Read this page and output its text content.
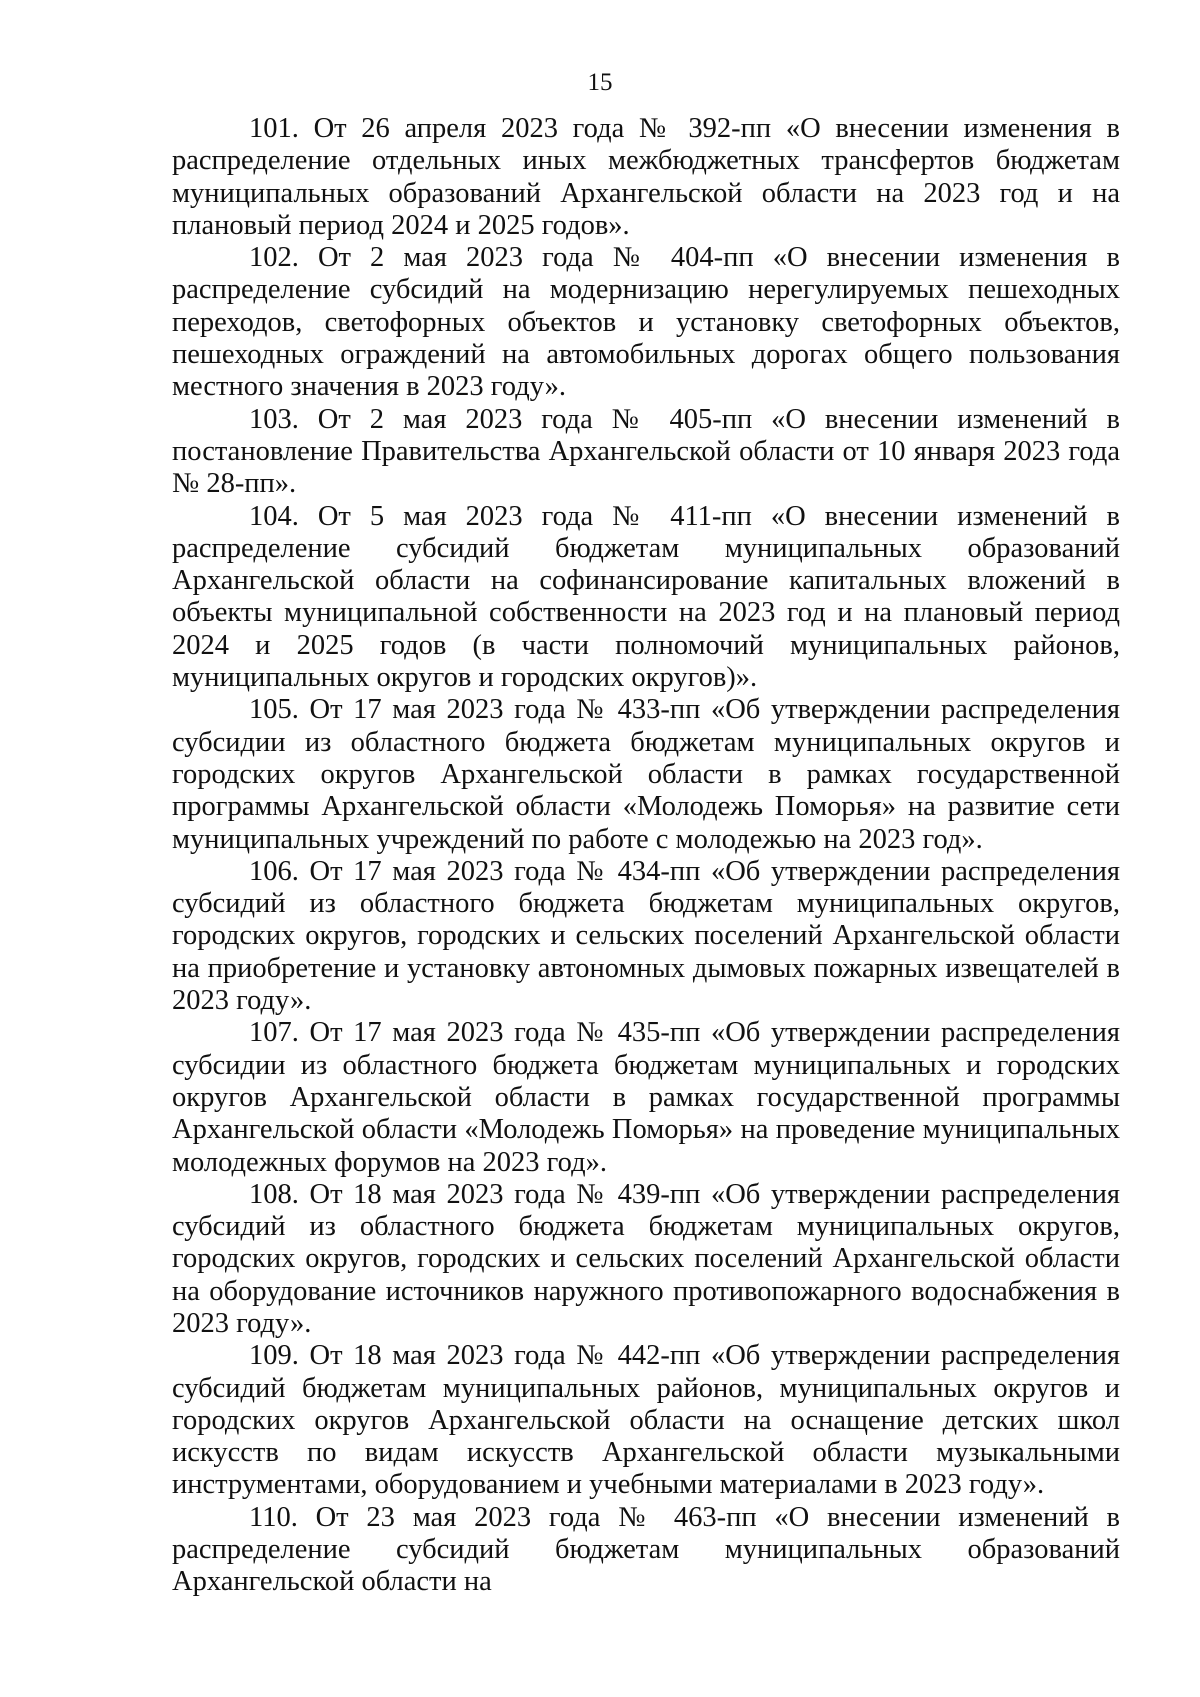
15

101. От 26 апреля 2023 года № 392-пп «О внесении изменения в распределение отдельных иных межбюджетных трансфертов бюджетам муниципальных образований Архангельской области на 2023 год и на плановый период 2024 и 2025 годов».

102. От 2 мая 2023 года № 404-пп «О внесении изменения в распределение субсидий на модернизацию нерегулируемых пешеходных переходов, светофорных объектов и установку светофорных объектов, пешеходных ограждений на автомобильных дорогах общего пользования местного значения в 2023 году».

103. От 2 мая 2023 года № 405-пп «О внесении изменений в постановление Правительства Архангельской области от 10 января 2023 года № 28-пп».

104. От 5 мая 2023 года № 411-пп «О внесении изменений в распределение субсидий бюджетам муниципальных образований Архангельской области на софинансирование капитальных вложений в объекты муниципальной собственности на 2023 год и на плановый период 2024 и 2025 годов (в части полномочий муниципальных районов, муниципальных округов и городских округов)».

105. От 17 мая 2023 года № 433-пп «Об утверждении распределения субсидии из областного бюджета бюджетам муниципальных округов и городских округов Архангельской области в рамках государственной программы Архангельской области «Молодежь Поморья» на развитие сети муниципальных учреждений по работе с молодежью на 2023 год».

106. От 17 мая 2023 года № 434-пп «Об утверждении распределения субсидий из областного бюджета бюджетам муниципальных округов, городских округов, городских и сельских поселений Архангельской области на приобретение и установку автономных дымовых пожарных извещателей в 2023 году».

107. От 17 мая 2023 года № 435-пп «Об утверждении распределения субсидии из областного бюджета бюджетам муниципальных и городских округов Архангельской области в рамках государственной программы Архангельской области «Молодежь Поморья» на проведение муниципальных молодежных форумов на 2023 год».

108. От 18 мая 2023 года № 439-пп «Об утверждении распределения субсидий из областного бюджета бюджетам муниципальных округов, городских округов, городских и сельских поселений Архангельской области на оборудование источников наружного противопожарного водоснабжения в 2023 году».

109. От 18 мая 2023 года № 442-пп «Об утверждении распределения субсидий бюджетам муниципальных районов, муниципальных округов и городских округов Архангельской области на оснащение детских школ искусств по видам искусств Архангельской области музыкальными инструментами, оборудованием и учебными материалами в 2023 году».

110. От 23 мая 2023 года № 463-пп «О внесении изменений в распределение субсидий бюджетам муниципальных образований Архангельской области на
